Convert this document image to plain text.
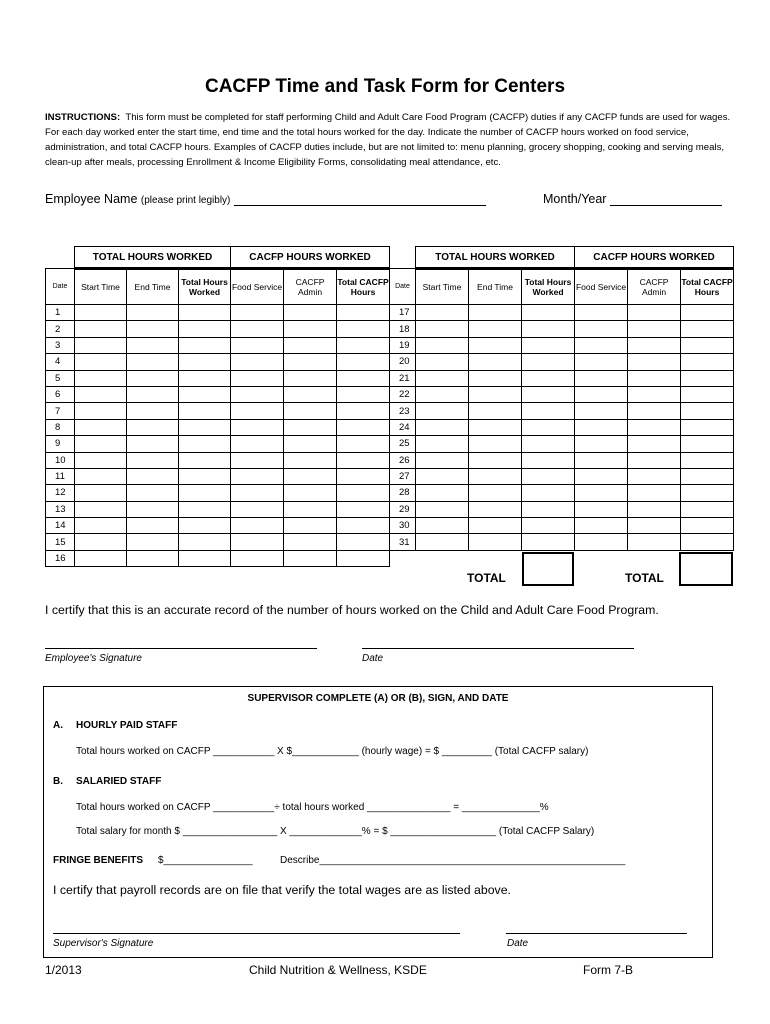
CACFP Time and Task Form for Centers
INSTRUCTIONS: This form must be completed for staff performing Child and Adult Care Food Program (CACFP) duties if any CACFP funds are used for wages. For each day worked enter the start time, end time and the total hours worked for the day. Indicate the number of CACFP hours worked on food service, administration, and total CACFP hours. Examples of CACFP duties include, but are not limited to: menu planning, grocery shopping, cooking and serving meals, clean-up after meals, processing Enrollment & Income Eligibility Forms, consolidating meal attendance, etc.
Employee Name (please print legibly)	Month/Year
	TOTAL HOURS WORKED			CACFP HOURS WORKED		
Date	Start Time	End Time	Total Hours Worked	Food Service	CACFP Admin	Total CACFP Hours
1						
2						
3						
4						
5						
6						
7						
8						
9						
10						
11						
12						
13						
14						
15						
16						
	TOTAL HOURS WORKED			CACFP HOURS WORKED		
Date	Start Time	End Time	Total Hours Worked	Food Service	CACFP Admin	Total CACFP Hours
17						
18						
19						
20						
21						
22						
23						
24						
25						
26						
27						
28						
29						
30						
31						
TOTAL	TOTAL
I certify that this is an accurate record of the number of hours worked on the Child and Adult Care Food Program.
Employee's Signature	Date
SUPERVISOR COMPLETE (A) OR (B), SIGN, AND DATE
A. HOURLY PAID STAFF
Total hours worked on CACFP ___________ X $____________ (hourly wage) = $ _________ (Total CACFP salary)
B. SALARIED STAFF
Total hours worked on CACFP ___________÷ total hours worked _______________ = ______________%
Total salary for month $ _________________ X _____________% = $ ___________________ (Total CACFP Salary)
FRINGE BENEFITS $________________	Describe_______________________________________________________
I certify that payroll records are on file that verify the total wages are as listed above.
Supervisor's Signature	Date
1/2013	Child Nutrition & Wellness, KSDE	Form 7-B
